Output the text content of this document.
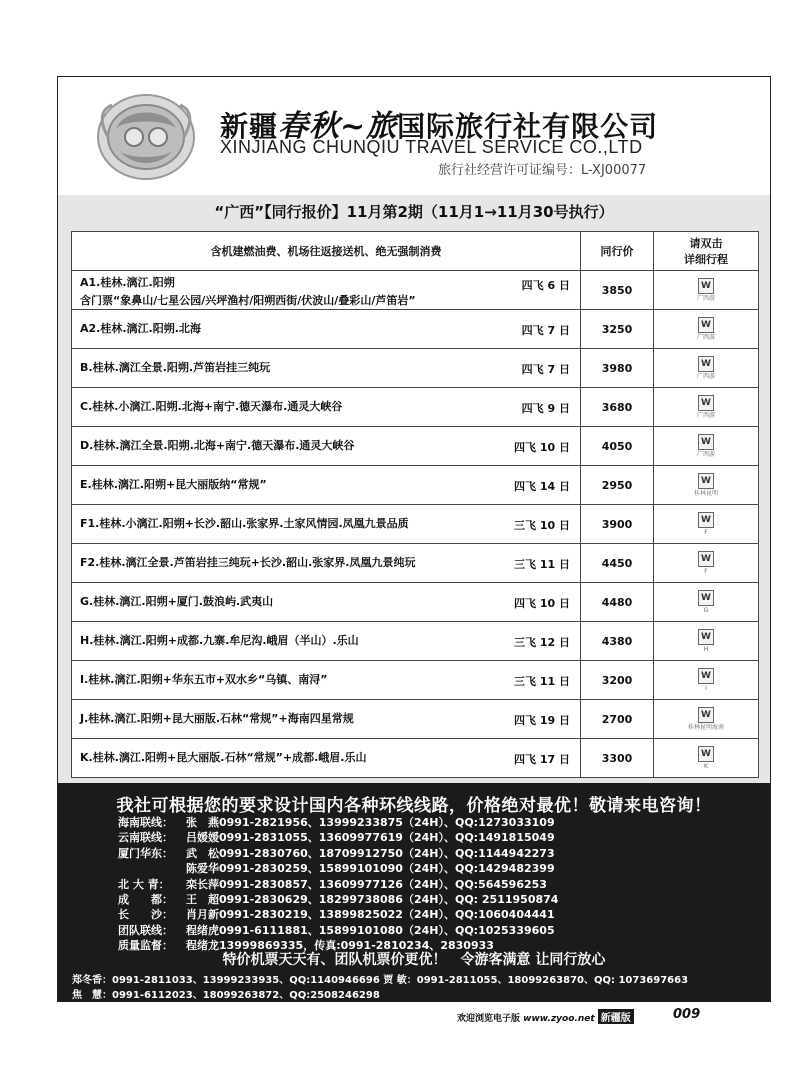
新疆春秋~旅国际旅行社有限公司
XINJIANG CHUNQIU TRAVEL SERVICE CO.,LTD
旅行社经营许可证编号：L-XJ00077
“广西”【同行报价】11月第2期（11月1→11月30号执行）
含机建燃油费、机场往返接送机、绝无强制消费	同行价	请双击
详细行程

A1.桂林.漓江.阳朔
含门票“象鼻山/七星公园/兴坪渔村/阳朔西街/伏波山/叠彩山/芦笛岩”
四飞 6 日	3850	W
广西游

A2.桂林.漓江.阳朔.北海 四飞 7 日	3250	W
广西游

B.桂林.漓江全景.阳朔.芦笛岩挂三纯玩 四飞 7 日	3980	W
广西游

C.桂林.小漓江.阳朔.北海+南宁.德天瀑布.通灵大峡谷 四飞 9 日	3680	W
广西游

D.桂林.漓江全景.阳朔.北海+南宁.德天瀑布.通灵大峡谷 四飞 10 日	4050	W
广西游

E.桂林.漓江.阳朔+昆大丽版纳“常规” 四飞 14 日	2950	W
桂林昆明

F1.桂林.小漓江.阳朔+长沙.韶山.张家界.土家风情园.凤凰九景品质 三飞 10 日	3900	W
F

F2.桂林.漓江全景.芦笛岩挂三纯玩+长沙.韶山.张家界.凤凰九景纯玩 三飞 11 日	4450	W
F

G.桂林.漓江.阳朔+厦门.鼓浪屿.武夷山 四飞 10 日	4480	W
G

H.桂林.漓江.阳朔+成都.九寨.牟尼沟.峨眉（半山）.乐山 三飞 12 日	4380	W
H

I.桂林.漓江.阳朔+华东五市+双水乡“乌镇、南浔” 三飞 11 日	3200	W
I

J.桂林.漓江.阳朔+昆大丽版.石林“常规”+海南四星常规 四飞 19 日	2700	W
桂林昆明海南

K.桂林.漓江.阳朔+昆大丽版.石林“常规”+成都.峨眉.乐山 四飞 17 日	3300	W
K
我社可根据您的要求设计国内各种环线线路，价格绝对最优！敬请来电咨询！
海南联线：	张　燕0991-2821956、13999233875（24H）、QQ:1273033109
云南联线：	吕媛媛0991-2831055、13609977619（24H）、QQ:1491815049
厦门华东：	武　松0991-2830760、18709912750（24H）、QQ:1144942273
陈爱华0991-2830259、15899101090（24H）、QQ:1429482399
北 大 青：	栾长萍0991-2830857、13609977126（24H）、QQ:564596253
成　　都：	王　超0991-2830629、18299738086（24H）、QQ: 2511950874
长　　沙：	肖月新0991-2830219、13899825022（24H）、QQ:1060404441
团队联线：	程绪虎0991-6111881、15899101080（24H）、QQ:1025339605
质量监督：	程绪龙13999869335，传真:0991-2810234、2830933
特价机票天天有、团队机票价更优！　令游客满意 让同行放心
郑冬香：0991-2811033、13999233935、QQ:1140946696 贾 敏：0991-2811055、18099263870、QQ: 1073697663
焦　慧：0991-6112023、18099263872、QQ:2508246298
欢迎浏览电子版 www.zyoo.net 新疆版	009
